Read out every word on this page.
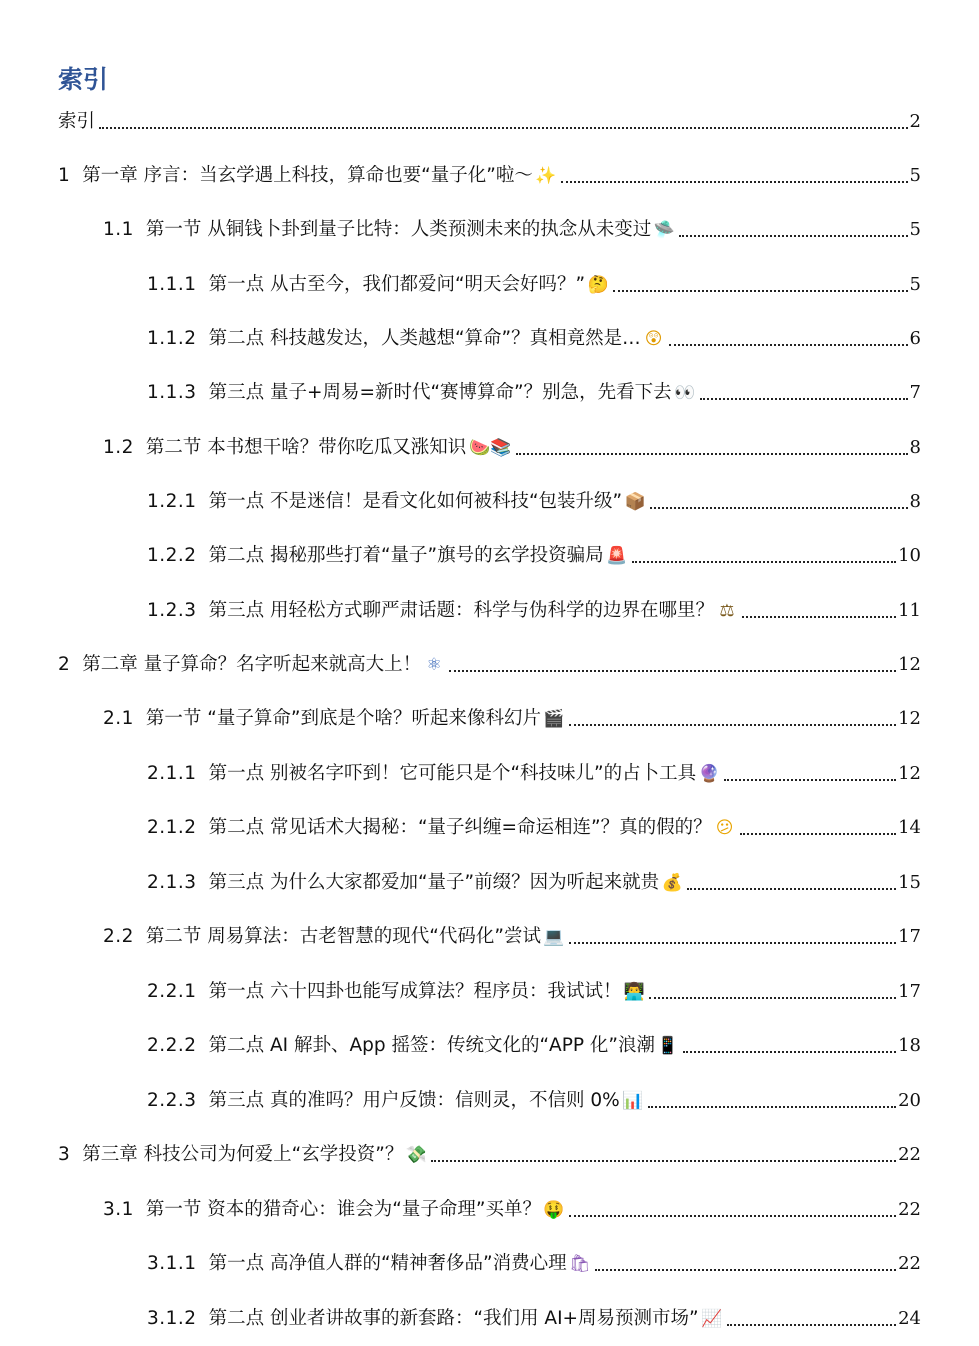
索引
索引	2
1 第一章 序言：当玄学遇上科技，算命也要“量子化”啦～ ✨	5
1.1 第一节 从铜钱卜卦到量子比特：人类预测未来的执念从未变过 🛸	5
1.1.1 第一点 从古至今，我们都爱问“明天会好吗？” 🤔	5
1.1.2 第二点 科技越发达，人类越想“算命”？真相竟然是… 😲	6
1.1.3 第三点 量子+周易=新时代“赛博算命”？别急，先看下去 👀	7
1.2 第二节 本书想干啥？带你吃瓜又涨知识 🍉📚	8
1.2.1 第一点 不是迷信！是看文化如何被科技“包装升级” 📦	8
1.2.2 第二点 揭秘那些打着“量子”旗号的玄学投资骗局 🚨	10
1.2.3 第三点 用轻松方式聊严肃话题：科学与伪科学的边界在哪里？ ⚖	11
2 第二章 量子算命？名字听起来就高大上！ ⚛	12
2.1 第一节 “量子算命”到底是个啥？听起来像科幻片 🎬	12
2.1.1 第一点 别被名字吓到！它可能只是个“科技味儿”的占卜工具 🔮	12
2.1.2 第二点 常见话术大揭秘：“量子纠缠=命运相连”？真的假的？ 😕	14
2.1.3 第三点 为什么大家都爱加“量子”前缀？因为听起来就贵 💰	15
2.2 第二节 周易算法：古老智慧的现代“代码化”尝试 💻	17
2.2.1 第一点 六十四卦也能写成算法？程序员：我试试！ 👨‍💻	17
2.2.2 第二点 AI 解卦、App 摇签：传统文化的“APP 化”浪潮 📱	18
2.2.3 第三点 真的准吗？用户反馈：信则灵，不信则 0% 📊	20
3 第三章 科技公司为何爱上“玄学投资”？ 💸	22
3.1 第一节 资本的猎奇心：谁会为“量子命理”买单？ 🤑	22
3.1.1 第一点 高净值人群的“精神奢侈品”消费心理 🛍	22
3.1.2 第二点 创业者讲故事的新套路：“我们用 AI+周易预测市场” 📈	24
